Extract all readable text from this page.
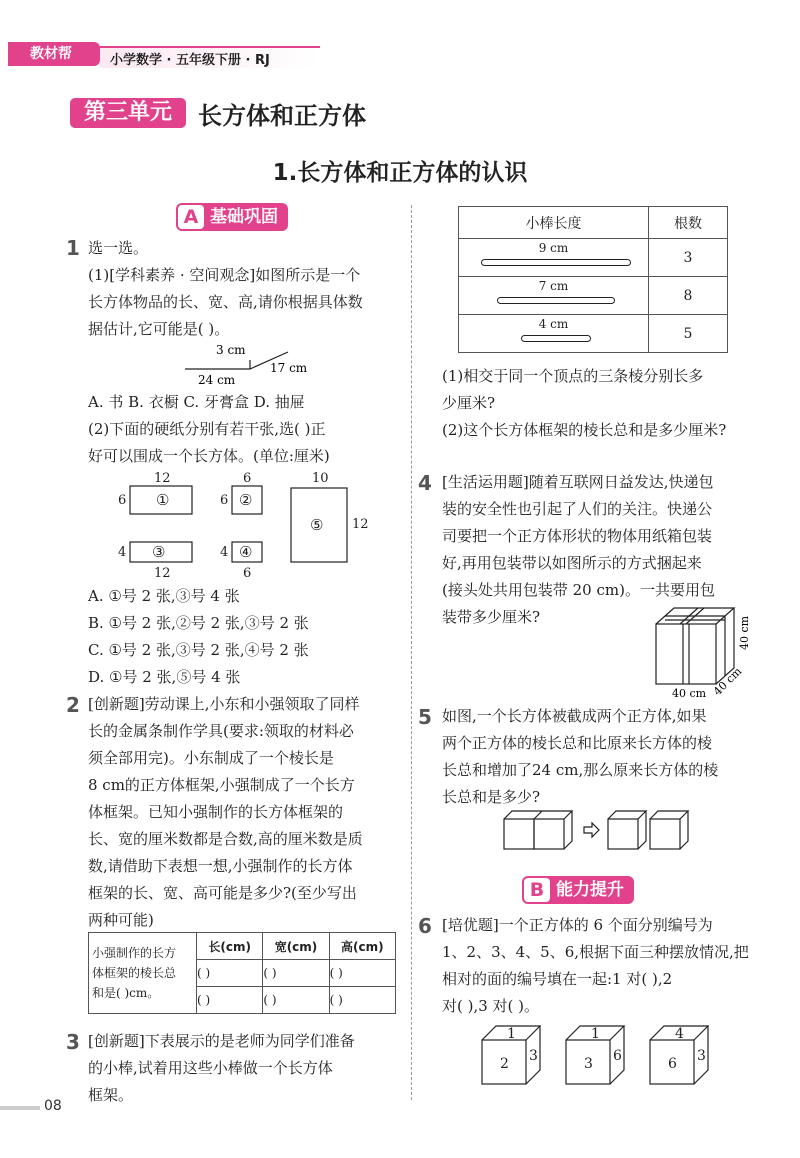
教材帮	小学数学 · 五年级下册 · RJ
第三单元	长方体和正方体
1.长方体和正方体的认识
A 基础巩固
1 选一选。
(1)[学科素养 · 空间观念]如图所示是一个
长方体物品的长、宽、高,请你根据具体数
据估计,它可能是( )。
3 cm
17 cm
24 cm
A. 书 B. 衣橱 C. 牙膏盒 D. 抽屉
(2)下面的硬纸分别有若干张,选( )正
好可以围成一个长方体。(单位:厘米)
①
12
6	②
6
6
⑤
10
12
③
12
4	④
6
4
A. ①号 2 张,③号 4 张
B. ①号 2 张,②号 2 张,③号 2 张
C. ①号 2 张,③号 2 张,④号 2 张
D. ①号 2 张,⑤号 4 张
2 [创新题]劳动课上,小东和小强领取了同样
长的金属条制作学具(要求:领取的材料必
须全部用完)。小东制成了一个棱长是
8 cm的正方体框架,小强制成了一个长方
体框架。已知小强制作的长方体框架的
长、宽的厘米数都是合数,高的厘米数是质
数,请借助下表想一想,小强制作的长方体
框架的长、宽、高可能是多少?(至少写出
两种可能)
小强制作的长方
体框架的棱长总
和是( )cm。	长(cm)	宽(cm)	高(cm)
	( )	( )	( )
	( )	( )	( )
3 [创新题]下表展示的是老师为同学们准备
的小棒,试着用这些小棒做一个长方体
框架。
小棒长度	根数

9 cm	3

7 cm	8

4 cm	5
(1)相交于同一个顶点的三条棱分别长多
少厘米?
(2)这个长方体框架的棱长总和是多少厘米?
4 [生活运用题]随着互联网日益发达,快递包
装的安全性也引起了人们的关注。快递公
司要把一个正方体形状的物体用纸箱包装
好,再用包装带以如图所示的方式捆起来
(接头处共用包装带 20 cm)。一共要用包
装带多少厘米?
40 cm
40 cm
40 cm
5 如图,一个长方体被截成两个正方体,如果
两个正方体的棱长总和比原来长方体的棱
长总和增加了24 cm,那么原来长方体的棱
长总和是多少?
B 能力提升
6 [培优题]一个正方体的 6 个面分别编号为
1、2、3、4、5、6,根据下面三种摆放情况,把
相对的面的编号填在一起:1 对( ),2
对( ),3 对( )。
1
2 3
1
3 6
4
6 3
08
